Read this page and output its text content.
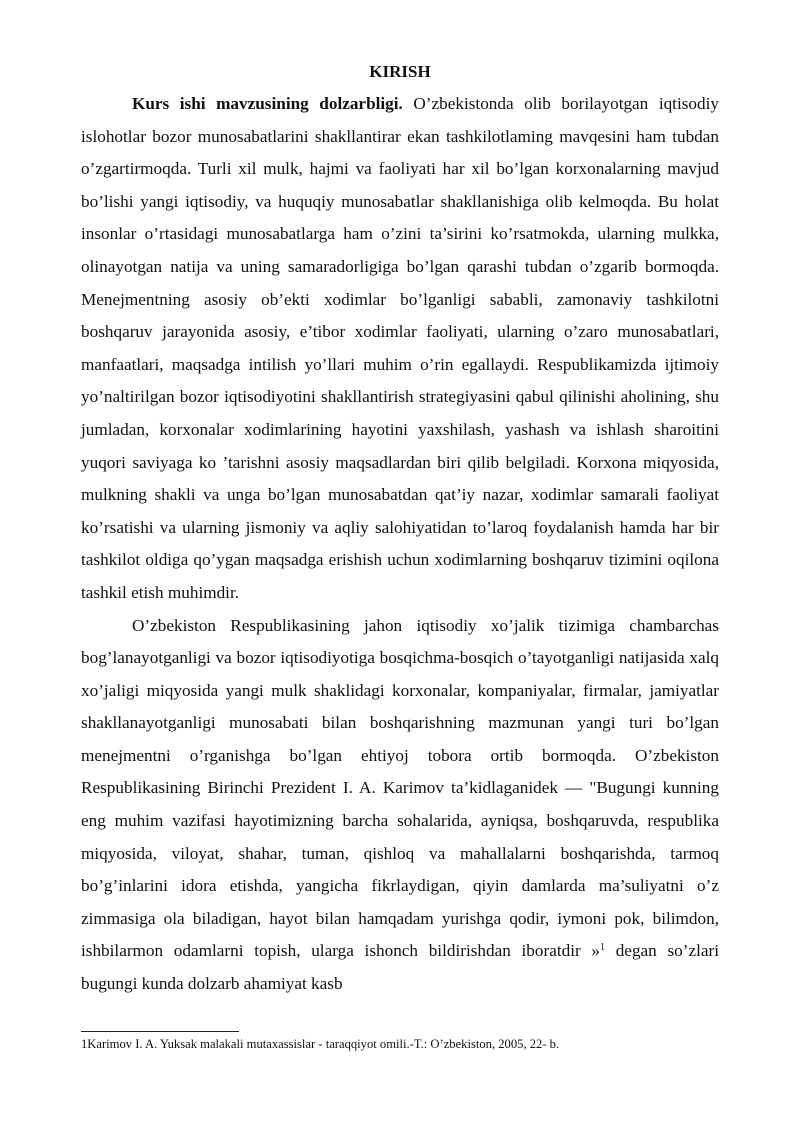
KIRISH

Kurs ishi mavzusining dolzarbligi. O’zbekistonda olib borilayotgan iqtisodiy islohotlar bozor munosabatlarini shakllantirar ekan tashkilotlaming mavqesini ham tubdan o’zgartirmoqda. Turli xil mulk, hajmi va faoliyati har xil bo’lgan korxonalarning mavjud bo’lishi yangi iqtisodiy, va huquqiy munosabatlar shakllanishiga olib kelmoqda. Bu holat insonlar o’rtasidagi munosabatlarga ham o’zini ta’sirini ko’rsatmokda, ularning mulkka, olinayotgan natija va uning samaradorligiga bo’lgan qarashi tubdan o’zgarib bormoqda. Menejmentning asosiy ob’ekti xodimlar bo’lganligi sababli, zamonaviy tashkilotni boshqaruv jarayonida asosiy, e’tibor xodimlar faoliyati, ularning o’zaro munosabatlari, manfaatlari, maqsadga intilish yo’llari muhim o’rin egallaydi. Respublikamizda ijtimoiy yo’naltirilgan bozor iqtisodiyotini shakllantirish strategiyasini qabul qilinishi aholining, shu jumladan, korxonalar xodimlarining hayotini yaxshilash, yashash va ishlash sharoitini yuqori saviyaga ko ’tarishni asosiy maqsadlardan biri qilib belgiladi. Korxona miqyosida, mulkning shakli va unga bo’lgan munosabatdan qat’iy nazar, xodimlar samarali faoliyat ko’rsatishi va ularning jismoniy va aqliy salohiyatidan to’laroq foydalanish hamda har bir tashkilot oldiga qo’ygan maqsadga erishish uchun xodimlarning boshqaruv tizimini oqilona tashkil etish muhimdir.

O’zbekiston Respublikasining jahon iqtisodiy xo’jalik tizimiga chambarchas bog’lanayotganligi va bozor iqtisodiyotiga bosqichma-bosqich o’tayotganligi natijasida xalq xo’jaligi miqyosida yangi mulk shaklidagi korxonalar, kompaniyalar, firmalar, jamiyatlar shakllanayotganligi munosabati bilan boshqarishning mazmunan yangi turi bo’lgan menejmentni o’rganishga bo’lgan ehtiyoj tobora ortib bormoqda. O’zbekiston Respublikasining Birinchi Prezident I. A. Karimov ta’kidlaganidek — "Bugungi kunning eng muhim vazifasi hayotimizning barcha sohalarida, ayniqsa, boshqaruvda, respublika miqyosida, viloyat, shahar, tuman, qishloq va mahallalarni boshqarishda, tarmoq bo’g’inlarini idora etishda, yangicha fikrlaydigan, qiyin damlarda ma’suliyatni o’z zimmasiga ola biladigan, hayot bilan hamqadam yurishga qodir, iymoni pok, bilimdon, ishbilarmon odamlarni topish, ularga ishonch bildirishdan iboratdir »$^1$ degan so’zlari bugungi kunda dolzarb ahamiyat kasb

1Karimov I. A. Yuksak malakali mutaxassislar - taraqqiyot omili.-T.: O’zbekiston, 2005, 22- b.
